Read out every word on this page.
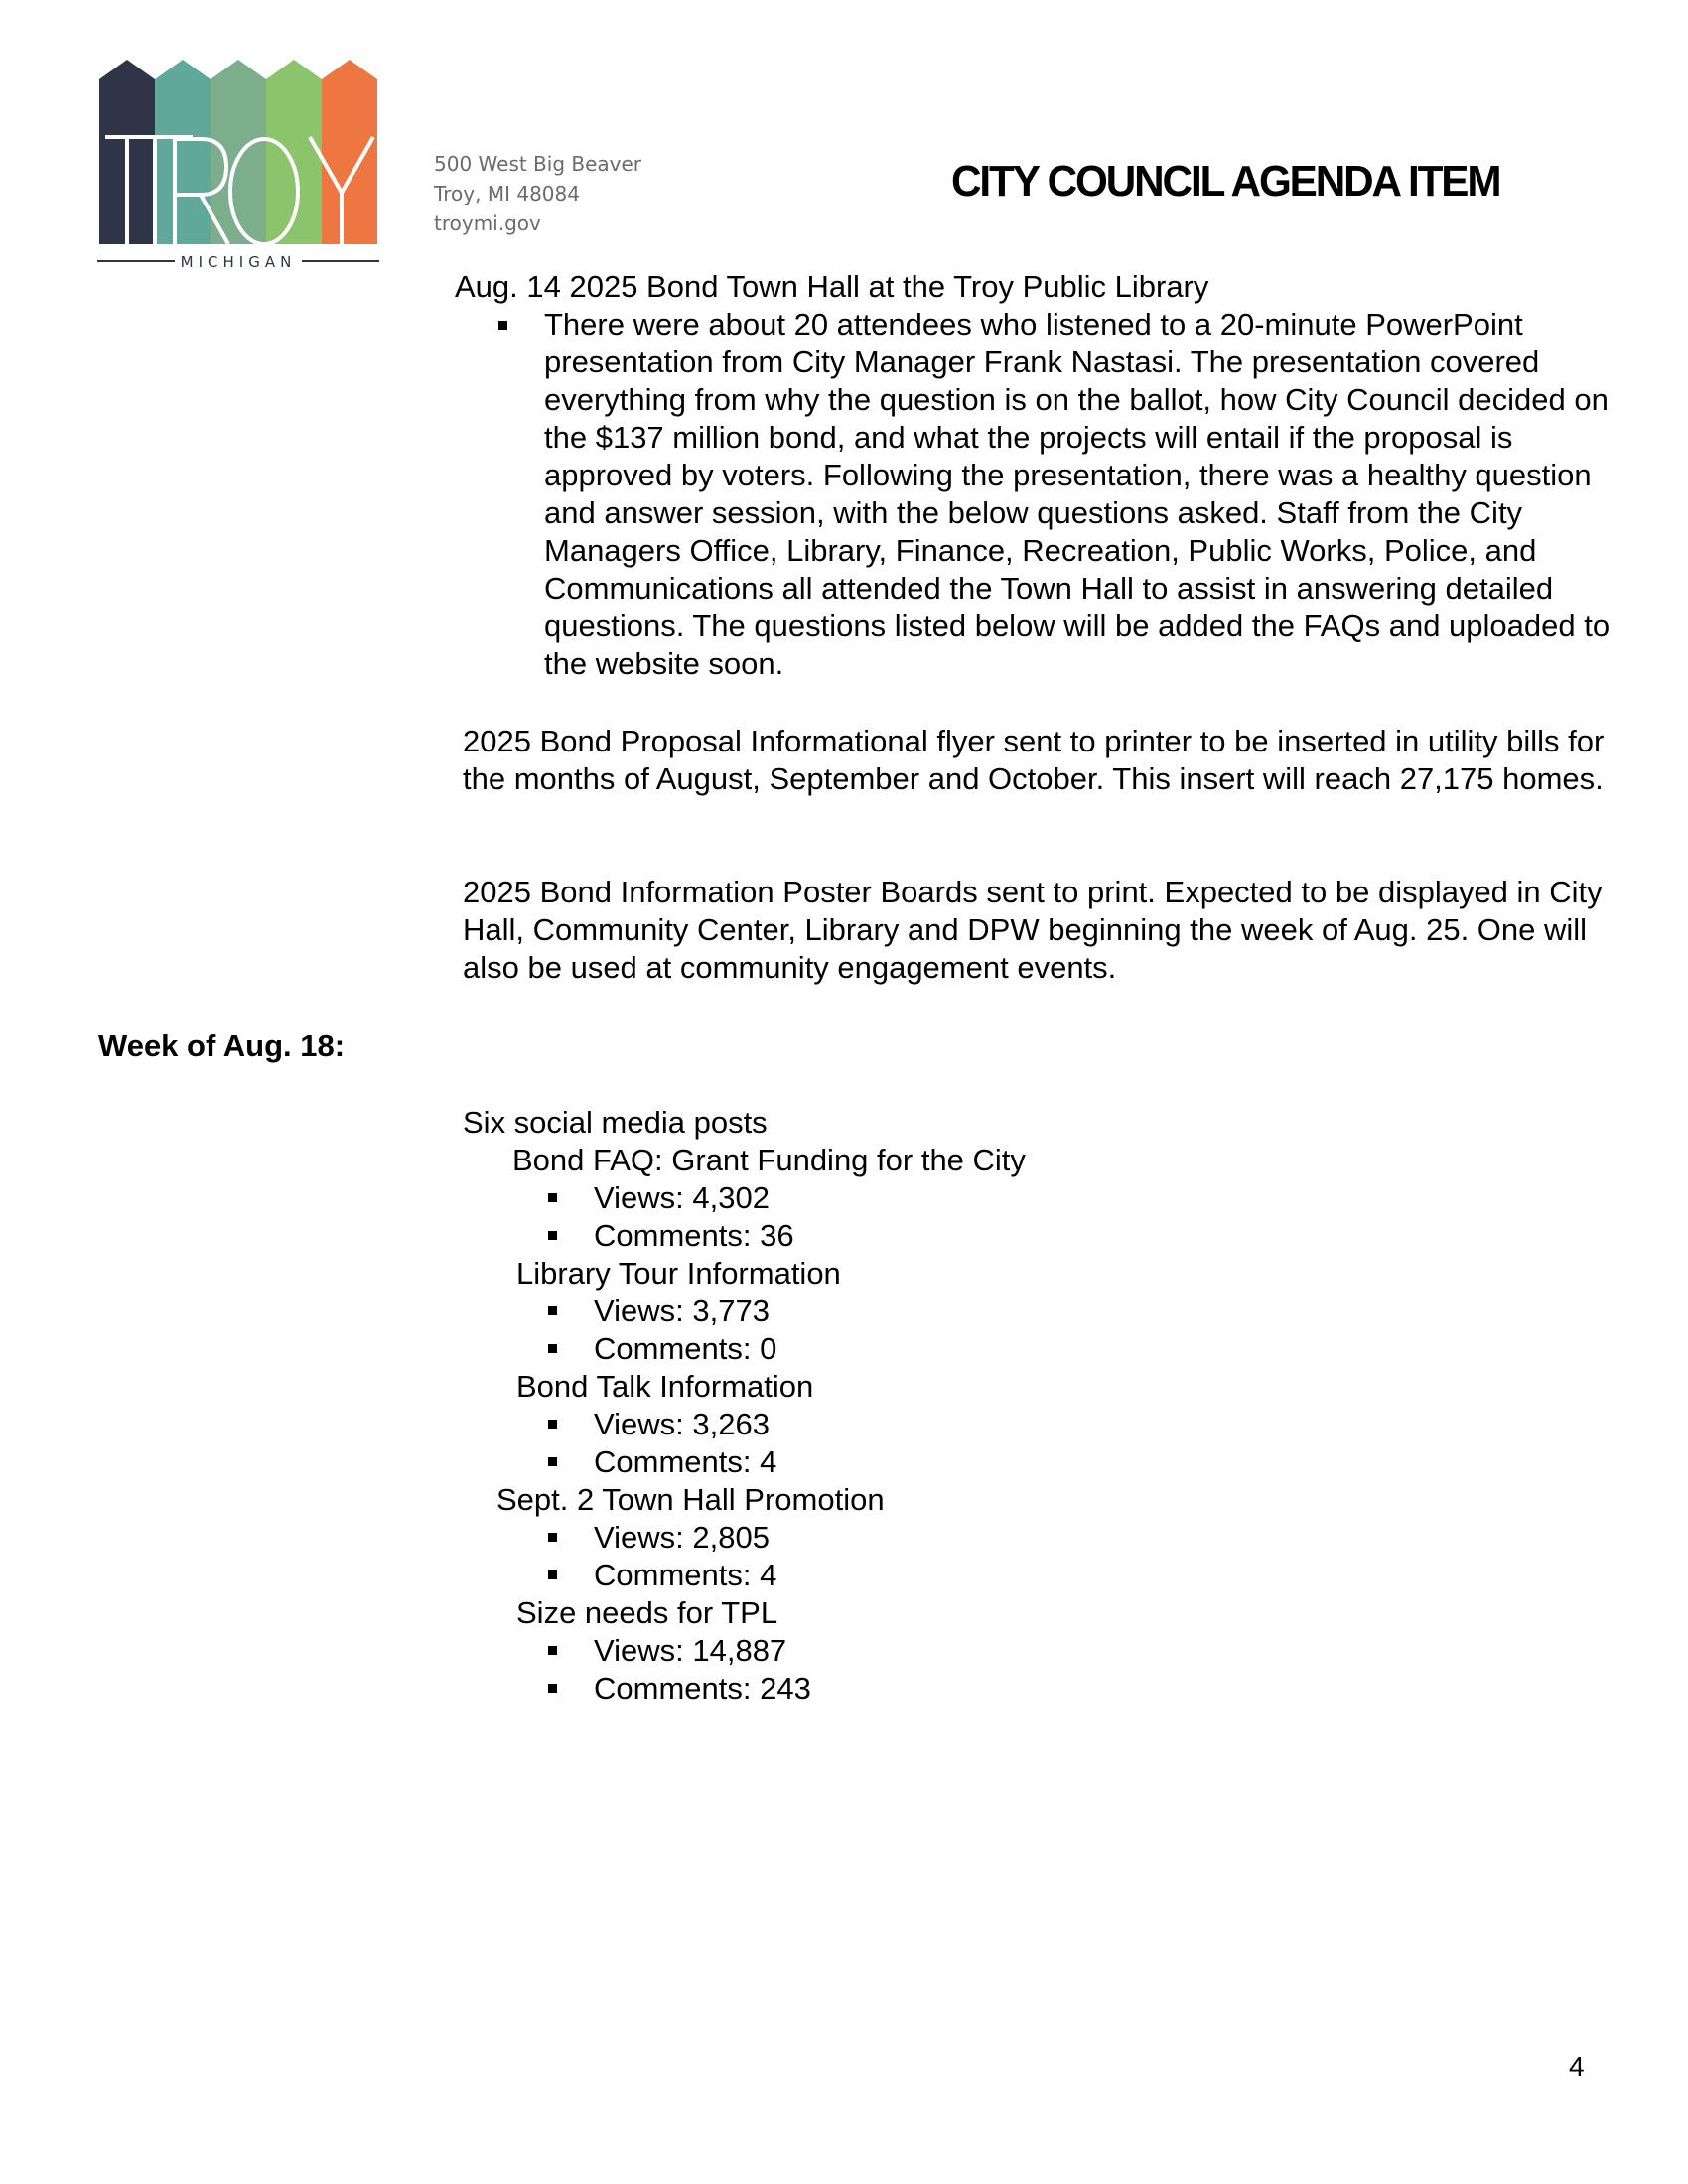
MICHIGAN
500 West Big Beaver
Troy, MI 48084
troymi.gov
CITY COUNCIL AGENDA ITEM
Aug. 14 2025 Bond Town Hall at the Troy Public Library
There were about 20 attendees who listened to a 20-minute PowerPoint presentation from City Manager Frank Nastasi. The presentation covered everything from why the question is on the ballot, how City Council decided on the $137 million bond, and what the projects will entail if the proposal is approved by voters. Following the presentation, there was a healthy question and answer session, with the below questions asked. Staff from the City Managers Office, Library, Finance, Recreation, Public Works, Police, and Communications all attended the Town Hall to assist in answering detailed questions. The questions listed below will be added the FAQs and uploaded to the website soon.
2025 Bond Proposal Informational flyer sent to printer to be inserted in utility bills for the months of August, September and October. This insert will reach 27,175 homes.
2025 Bond Information Poster Boards sent to print. Expected to be displayed in City Hall, Community Center, Library and DPW beginning the week of Aug. 25. One will also be used at community engagement events.
Week of Aug. 18:
Six social media posts
Bond FAQ: Grant Funding for the City
Views: 4,302
Comments: 36
Library Tour Information
Views: 3,773
Comments: 0
Bond Talk Information
Views: 3,263
Comments: 4
Sept. 2 Town Hall Promotion
Views: 2,805
Comments: 4
Size needs for TPL
Views: 14,887
Comments: 243
4
